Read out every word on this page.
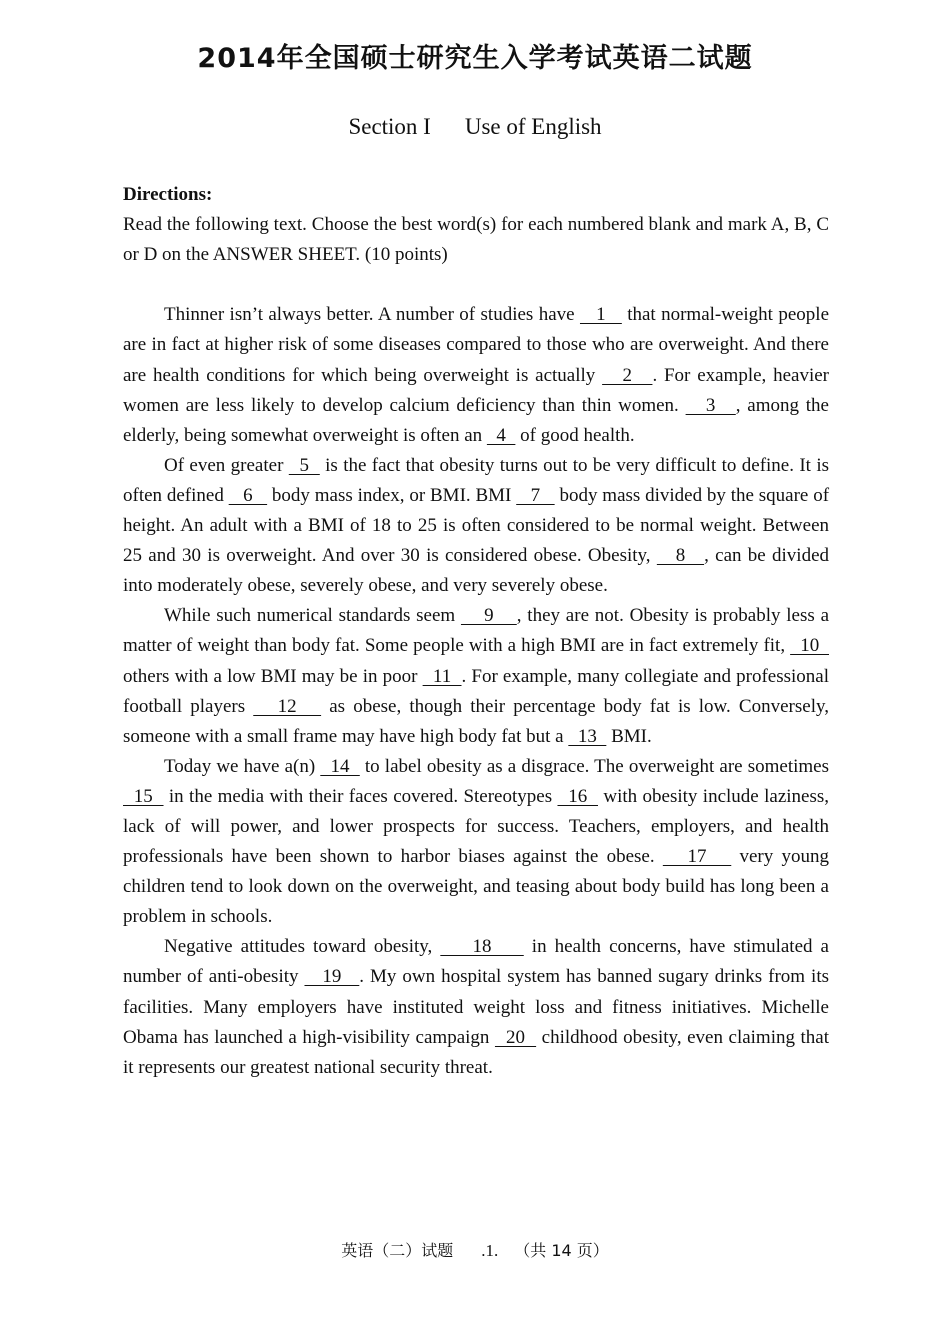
2014年全国硕士研究生入学考试英语二试题
Section I Use of English

Directions:

Read the following text. Choose the best word(s) for each numbered blank and mark A, B, C or D on the ANSWER SHEET. (10 points)

Thinner isn’t always better. A number of studies have    1    that normal-weight people are in fact at higher risk of some diseases compared to those who are overweight. And there are health conditions for which being overweight is actually    2   . For example, heavier women are less likely to develop calcium deficiency than thin women.    3   , among the elderly, being somewhat overweight is often an   4   of good health.

Of even greater   5   is the fact that obesity turns out to be very difficult to define. It is often defined    6    body mass index, or BMI. BMI    7    body mass divided by the square of height. An adult with a BMI of 18 to 25 is often considered to be normal weight. Between 25 and 30 is overweight. And over 30 is considered obese. Obesity,    8   , can be divided into moderately obese, severely obese, and very severely obese.

While such numerical standards seem     9    , they are not. Obesity is probably less a matter of weight than body fat. Some people with a high BMI are in fact extremely fit,   10   others with a low BMI may be in poor   11  . For example, many collegiate and professional football players    12    as obese, though their percentage body fat is low. Conversely, someone with a small frame may have high body fat but a   13   BMI.

Today we have a(n)   14   to label obesity as a disgrace. The overweight are sometimes   15   in the media with their faces covered. Stereotypes   16   with obesity include laziness, lack of will power, and lower prospects for success. Teachers, employers, and health professionals have been shown to harbor biases against the obese.    17    very young children tend to look down on the overweight, and teasing about body build has long been a problem in schools.

Negative attitudes toward obesity,     18     in health concerns, have stimulated a number of anti-obesity    19   . My own hospital system has banned sugary drinks from its facilities. Many employers have instituted weight loss and fitness initiatives. Michelle Obama has launched a high-visibility campaign   20   childhood obesity, even claiming that it represents our greatest national security threat.

英语（二）试题 .1. （共 14 页）
